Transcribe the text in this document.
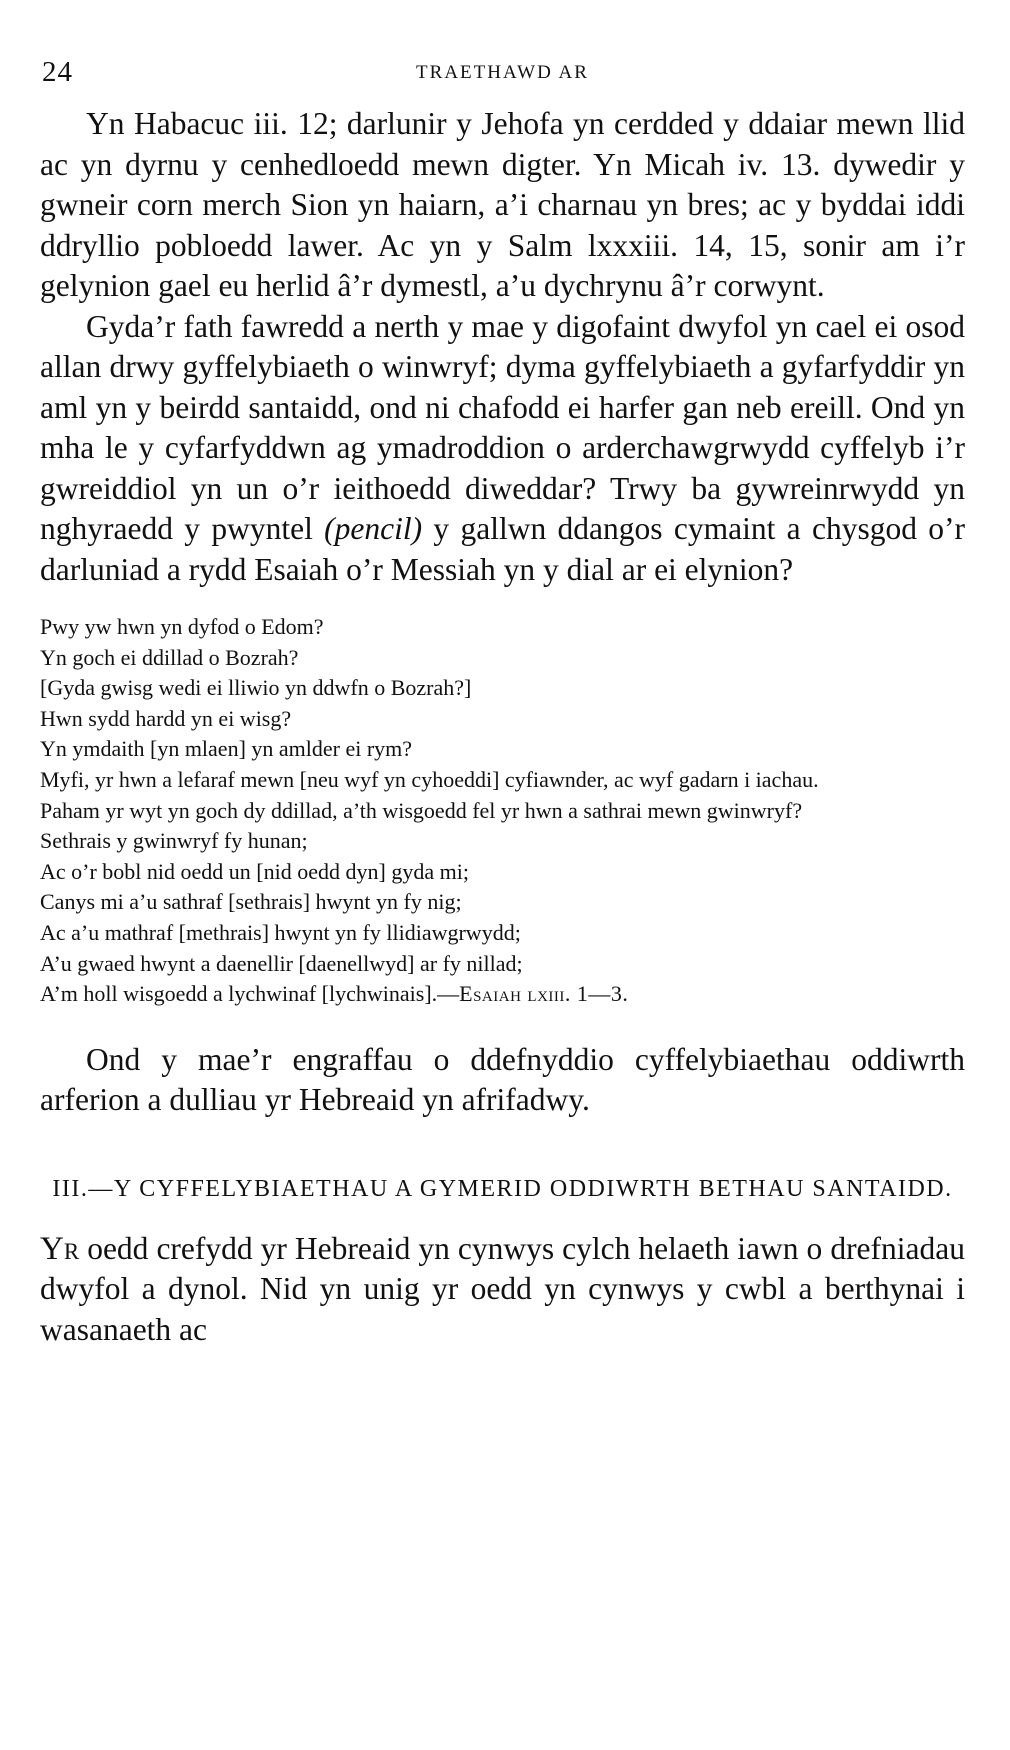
24	TRAETHAWD AR

Yn Habacuc iii. 12; darlunir y Jehofa yn cerdded y ddaiar mewn llid ac yn dyrnu y cenhedloedd mewn digter. Yn Micah iv. 13. dywedir y gwneir corn merch Sion yn haiarn, a’i charnau yn bres; ac y byddai iddi ddryllio pobloedd lawer. Ac yn y Salm lxxxiii. 14, 15, sonir am i’r gelynion gael eu herlid â’r dymestl, a’u dychrynu â’r corwynt.

Gyda’r fath fawredd a nerth y mae y digofaint dwyfol yn cael ei osod allan drwy gyffelybiaeth o winwryf; dyma gyffelybiaeth a gyfarfyddir yn aml yn y beirdd santaidd, ond ni chafodd ei harfer gan neb ereill. Ond yn mha le y cyfarfyddwn ag ymadroddion o arderchawgrwydd cyffelyb i’r gwreiddiol yn un o’r ieithoedd diweddar? Trwy ba gywreinrwydd yn nghyraedd y pwyntel (pencil) y gallwn ddangos cymaint a chysgod o’r darluniad a rydd Esaiah o’r Messiah yn y dial ar ei elynion?

Pwy yw hwn yn dyfod o Edom?
Yn goch ei ddillad o Bozrah?
[Gyda gwisg wedi ei lliwio yn ddwfn o Bozrah?]
Hwn sydd hardd yn ei wisg?
Yn ymdaith [yn mlaen] yn amlder ei rym?
Myfi, yr hwn a lefaraf mewn [neu wyf yn cyhoeddi] cyfiawnder, ac wyf gadarn i iachau.
Paham yr wyt yn goch dy ddillad, a’th wisgoedd fel yr hwn a sathrai mewn gwinwryf?
Sethrais y gwinwryf fy hunan;
Ac o’r bobl nid oedd un [nid oedd dyn] gyda mi;
Canys mi a’u sathraf [sethrais] hwynt yn fy nig;
Ac a’u mathraf [methrais] hwynt yn fy llidiawgrwydd;
A’u gwaed hwynt a daenellir [daenellwyd] ar fy nillad;
A’m holl wisgoedd a lychwinaf [lychwinais].—Esaiah lxiii. 1—3.

Ond y mae’r engraffau o ddefnyddio cyffelybiaethau oddiwrth arferion a dulliau yr Hebreaid yn afrifadwy.

III.—Y CYFFELYBIAETHAU A GYMERID ODDIWRTH BETHAU SANTAIDD.

Yr oedd crefydd yr Hebreaid yn cynwys cylch helaeth iawn o drefniadau dwyfol a dynol. Nid yn unig yr oedd yn cynwys y cwbl a berthynai i wasanaeth ac
